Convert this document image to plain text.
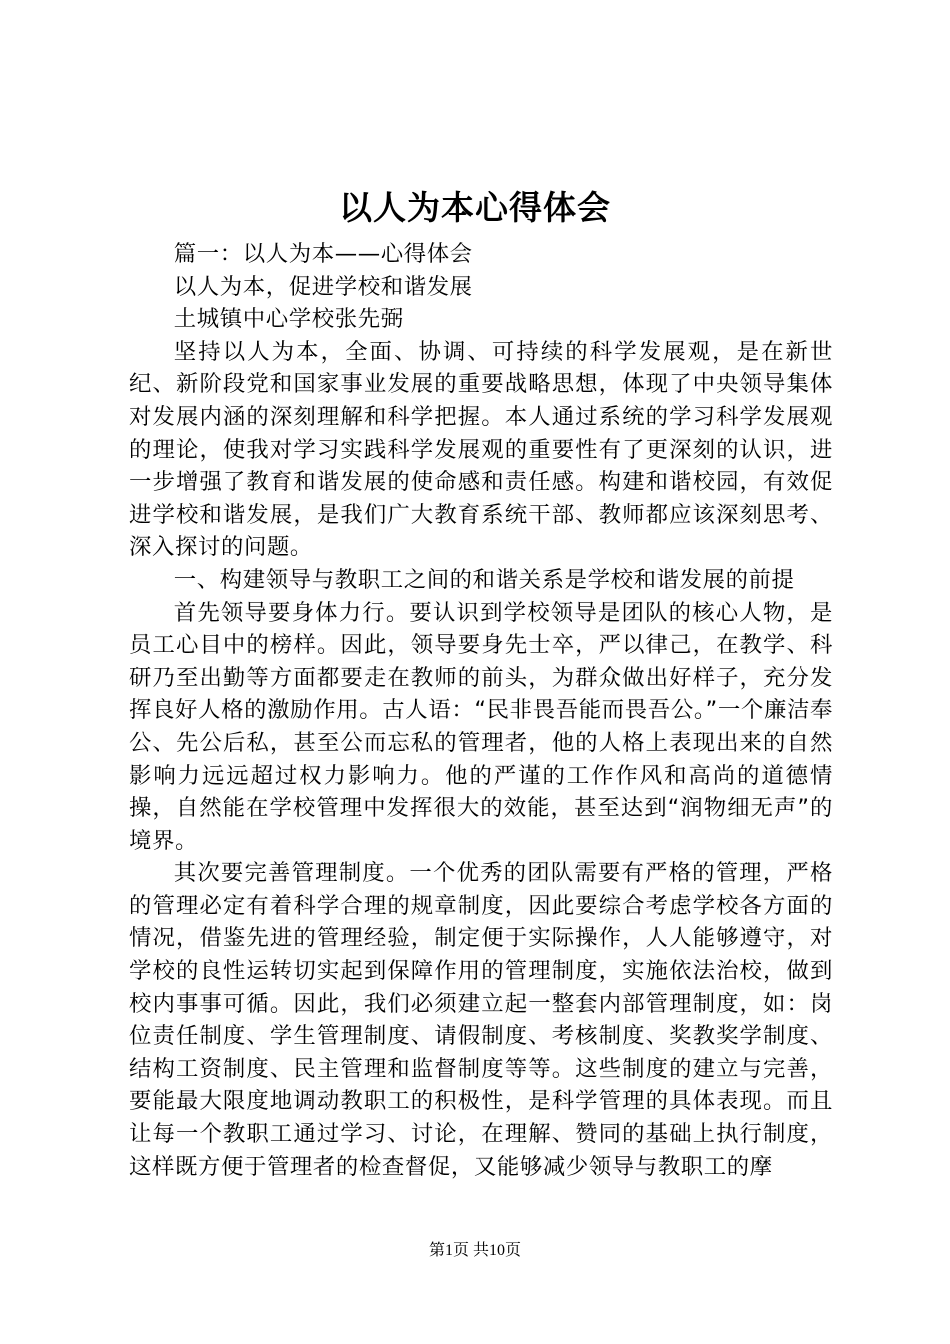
以人为本心得体会

篇一：以人为本——心得体会

以人为本，促进学校和谐发展

土城镇中心学校张先弼

坚持以人为本，全面、协调、可持续的科学发展观，是在新世纪、新阶段党和国家事业发展的重要战略思想，体现了中央领导集体对发展内涵的深刻理解和科学把握。本人通过系统的学习科学发展观的理论，使我对学习实践科学发展观的重要性有了更深刻的认识，进一步增强了教育和谐发展的使命感和责任感。构建和谐校园，有效促进学校和谐发展，是我们广大教育系统干部、教师都应该深刻思考、深入探讨的问题。

一、构建领导与教职工之间的和谐关系是学校和谐发展的前提

首先领导要身体力行。要认识到学校领导是团队的核心人物，是员工心目中的榜样。因此，领导要身先士卒，严以律己，在教学、科研乃至出勤等方面都要走在教师的前头，为群众做出好样子，充分发挥良好人格的激励作用。古人语：“民非畏吾能而畏吾公。”一个廉洁奉公、先公后私，甚至公而忘私的管理者，他的人格上表现出来的自然影响力远远超过权力影响力。他的严谨的工作作风和高尚的道德情操，自然能在学校管理中发挥很大的效能，甚至达到“润物细无声”的境界。

其次要完善管理制度。一个优秀的团队需要有严格的管理，严格的管理必定有着科学合理的规章制度，因此要综合考虑学校各方面的情况，借鉴先进的管理经验，制定便于实际操作，人人能够遵守，对学校的良性运转切实起到保障作用的管理制度，实施依法治校，做到校内事事可循。因此，我们必须建立起一整套内部管理制度，如：岗位责任制度、学生管理制度、请假制度、考核制度、奖教奖学制度、结构工资制度、民主管理和监督制度等等。这些制度的建立与完善，要能最大限度地调动教职工的积极性，是科学管理的具体表现。而且让每一个教职工通过学习、讨论，在理解、赞同的基础上执行制度，这样既方便于管理者的检查督促，又能够减少领导与教职工的摩

第1页 共10页
